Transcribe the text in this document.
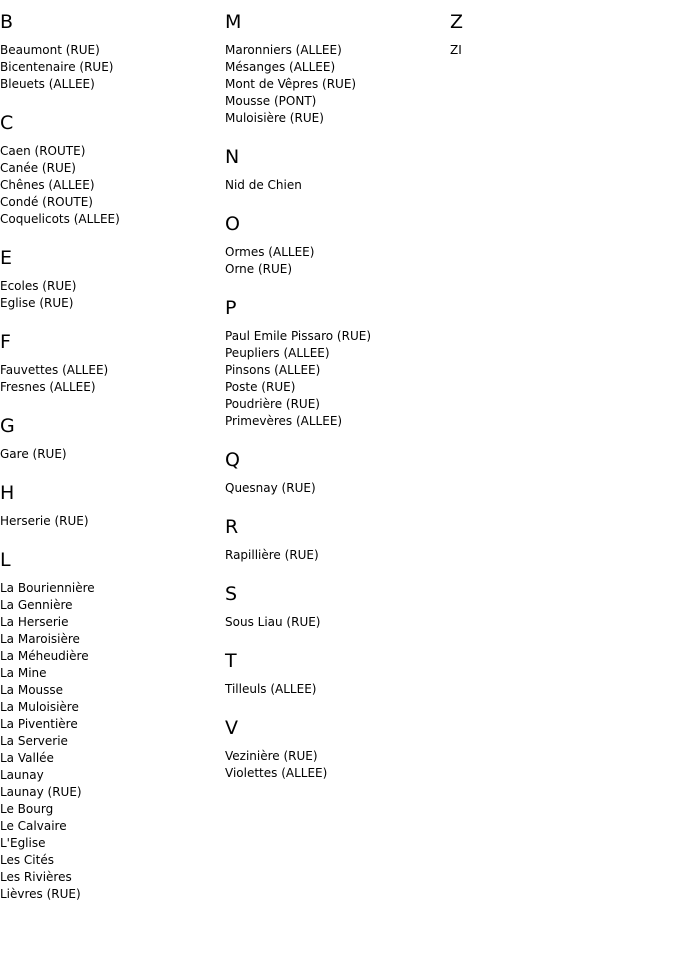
B
Beaumont (RUE)
Bicentenaire (RUE)
Bleuets (ALLEE)
C
Caen (ROUTE)
Canée (RUE)
Chênes (ALLEE)
Condé (ROUTE)
Coquelicots (ALLEE)
E
Ecoles (RUE)
Eglise (RUE)
F
Fauvettes (ALLEE)
Fresnes (ALLEE)
G
Gare (RUE)
H
Herserie (RUE)
L
La Bouriennière
La Gennière
La Herserie
La Maroisière
La Méheudière
La Mine
La Mousse
La Muloisière
La Piventière
La Serverie
La Vallée
Launay
Launay (RUE)
Le Bourg
Le Calvaire
L'Eglise
Les Cités
Les Rivières
Lièvres (RUE)
M
Maronniers (ALLEE)
Mésanges (ALLEE)
Mont de Vêpres (RUE)
Mousse (PONT)
Muloisière (RUE)
N
Nid de Chien
O
Ormes (ALLEE)
Orne (RUE)
P
Paul Emile Pissaro (RUE)
Peupliers (ALLEE)
Pinsons (ALLEE)
Poste (RUE)
Poudrière (RUE)
Primevères (ALLEE)
Q
Quesnay (RUE)
R
Rapillière (RUE)
S
Sous Liau (RUE)
T
Tilleuls (ALLEE)
V
Vezinière (RUE)
Violettes (ALLEE)
Z
ZI
